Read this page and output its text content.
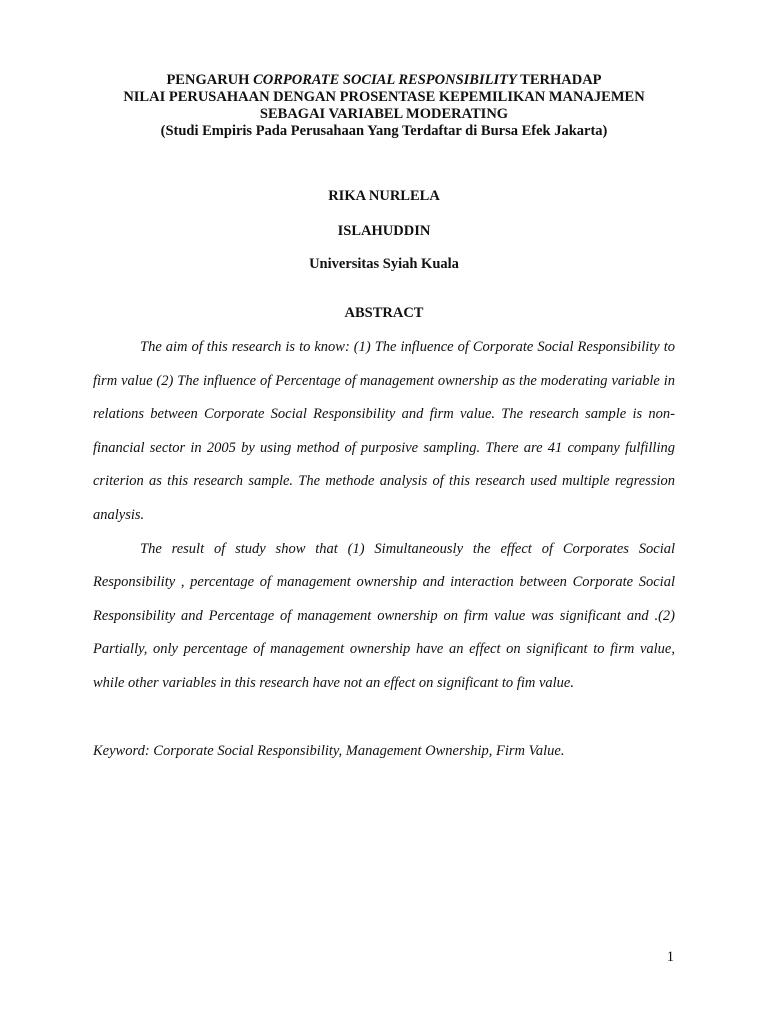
PENGARUH CORPORATE SOCIAL RESPONSIBILITY TERHADAP
NILAI PERUSAHAAN DENGAN PROSENTASE KEPEMILIKAN MANAJEMEN
SEBAGAI VARIABEL MODERATING
(Studi Empiris Pada Perusahaan Yang Terdaftar di Bursa Efek Jakarta)
RIKA NURLELA
ISLAHUDDIN
Universitas Syiah Kuala
ABSTRACT

The aim of this research is to know: (1) The influence of Corporate Social Responsibility to firm value (2) The influence of Percentage of management ownership as the moderating variable in relations between Corporate Social Responsibility and firm value. The research sample is non-financial sector in 2005 by using method of purposive sampling. There are 41 company fulfilling criterion as this research sample. The methode analysis of this research used multiple regression analysis.

The result of study show that (1) Simultaneously the effect of Corporates Social Responsibility , percentage of management ownership and interaction between Corporate Social Responsibility and Percentage of management ownership on firm value was significant and .(2) Partially, only percentage of management ownership have an effect on significant to firm value, while other variables in this research have not an effect on significant to fim value.

Keyword: Corporate Social Responsibility, Management Ownership, Firm Value.
1
